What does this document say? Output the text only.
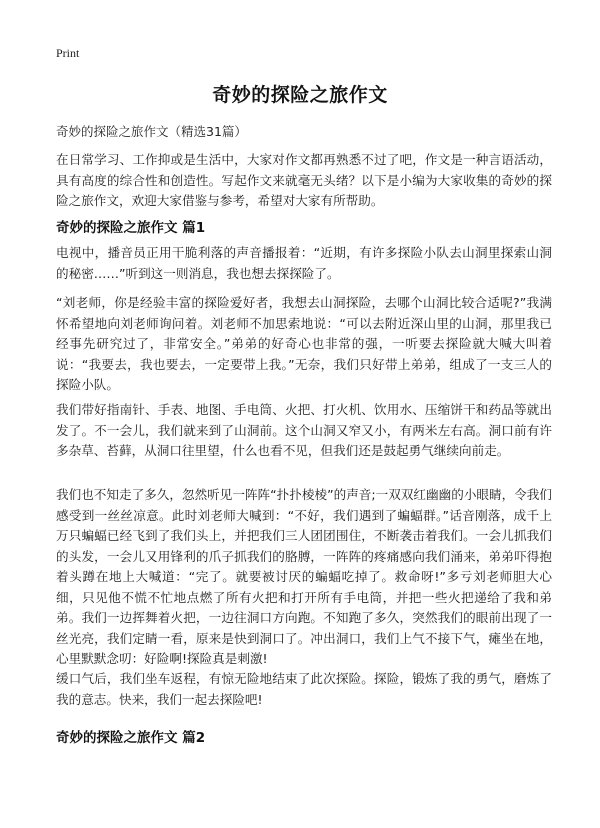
Print
奇妙的探险之旅作文
奇妙的探险之旅作文（精选31篇）
在日常学习、工作抑或是生活中，大家对作文都再熟悉不过了吧，作文是一种言语活动，具有高度的综合性和创造性。写起作文来就毫无头绪？以下是小编为大家收集的奇妙的探险之旅作文，欢迎大家借鉴与参考，希望对大家有所帮助。
奇妙的探险之旅作文 篇1
电视中，播音员正用干脆利落的声音播报着：“近期，有许多探险小队去山洞里探索山洞的秘密……”听到这一则消息，我也想去探探险了。
“刘老师，你是经验丰富的探险爱好者，我想去山洞探险，去哪个山洞比较合适呢?”我满怀希望地向刘老师询问着。刘老师不加思索地说：“可以去附近深山里的山洞，那里我已经事先研究过了，非常安全。”弟弟的好奇心也非常的强，一听要去探险就大喊大叫着说：“我要去，我也要去，一定要带上我。”无奈，我们只好带上弟弟，组成了一支三人的探险小队。
我们带好指南针、手表、地图、手电筒、火把、打火机、饮用水、压缩饼干和药品等就出发了。不一会儿，我们就来到了山洞前。这个山洞又窄又小，有两米左右高。洞口前有许多杂草、苔藓，从洞口往里望，什么也看不见，但我们还是鼓起勇气继续向前走。
我们也不知走了多久，忽然听见一阵阵“扑扑棱棱”的声音;一双双红幽幽的小眼睛，令我们感受到一丝丝凉意。此时刘老师大喊到：“不好，我们遇到了蝙蝠群。”话音刚落，成千上万只蝙蝠已经飞到了我们头上，并把我们三人团团围住，不断袭击着我们。一会儿抓我们的头发，一会儿又用锋利的爪子抓我们的胳膊，一阵阵的疼痛感向我们涌来，弟弟吓得抱着头蹲在地上大喊道：“完了。就要被讨厌的蝙蝠吃掉了。救命呀!”多亏刘老师胆大心细，只见他不慌不忙地点燃了所有火把和打开所有手电筒，并把一些火把递给了我和弟弟。我们一边挥舞着火把，一边往洞口方向跑。不知跑了多久，突然我们的眼前出现了一丝光亮，我们定睛一看，原来是快到洞口了。冲出洞口，我们上气不接下气，瘫坐在地，心里默默念叨：好险啊!探险真是刺激!
缓口气后，我们坐车返程，有惊无险地结束了此次探险。探险，锻炼了我的勇气，磨炼了我的意志。快来，我们一起去探险吧!
奇妙的探险之旅作文 篇2
